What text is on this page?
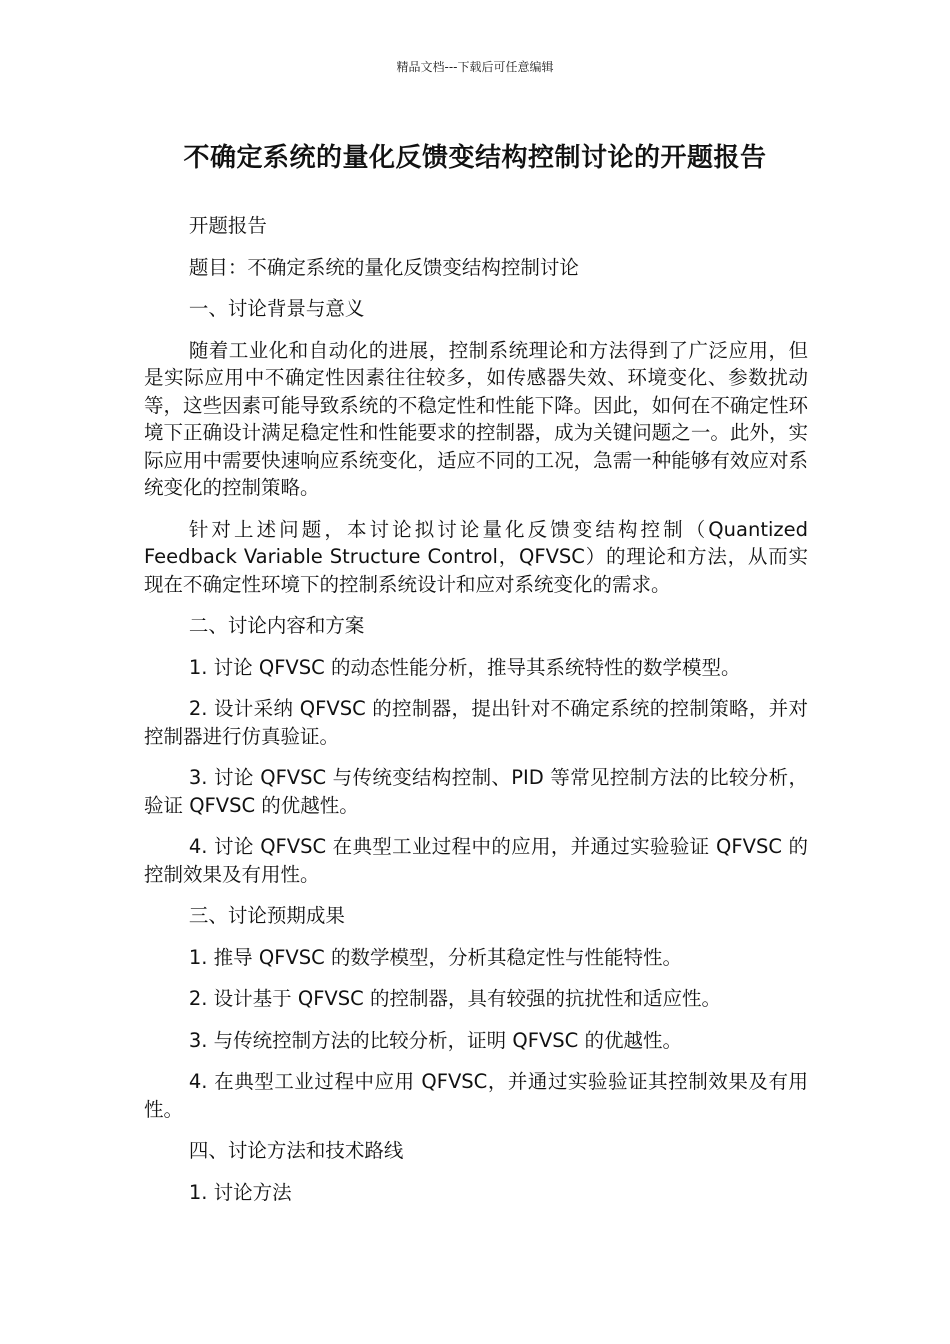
精品文档---下载后可任意编辑
不确定系统的量化反馈变结构控制讨论的开题报告

开题报告

题目：不确定系统的量化反馈变结构控制讨论

一、讨论背景与意义

随着工业化和自动化的进展，控制系统理论和方法得到了广泛应用，但是实际应用中不确定性因素往往较多，如传感器失效、环境变化、参数扰动等，这些因素可能导致系统的不稳定性和性能下降。因此，如何在不确定性环境下正确设计满足稳定性和性能要求的控制器，成为关键问题之一。此外，实际应用中需要快速响应系统变化，适应不同的工况，急需一种能够有效应对系统变化的控制策略。

针对上述问题，本讨论拟讨论量化反馈变结构控制（Quantized Feedback Variable Structure Control，QFVSC）的理论和方法，从而实现在不确定性环境下的控制系统设计和应对系统变化的需求。

二、讨论内容和方案

1. 讨论 QFVSC 的动态性能分析，推导其系统特性的数学模型。

2. 设计采纳 QFVSC 的控制器，提出针对不确定系统的控制策略，并对控制器进行仿真验证。

3. 讨论 QFVSC 与传统变结构控制、PID 等常见控制方法的比较分析，验证 QFVSC 的优越性。

4. 讨论 QFVSC 在典型工业过程中的应用，并通过实验验证 QFVSC 的控制效果及有用性。

三、讨论预期成果

1. 推导 QFVSC 的数学模型，分析其稳定性与性能特性。

2. 设计基于 QFVSC 的控制器，具有较强的抗扰性和适应性。

3. 与传统控制方法的比较分析，证明 QFVSC 的优越性。

4. 在典型工业过程中应用 QFVSC，并通过实验验证其控制效果及有用性。

四、讨论方法和技术路线

1. 讨论方法
